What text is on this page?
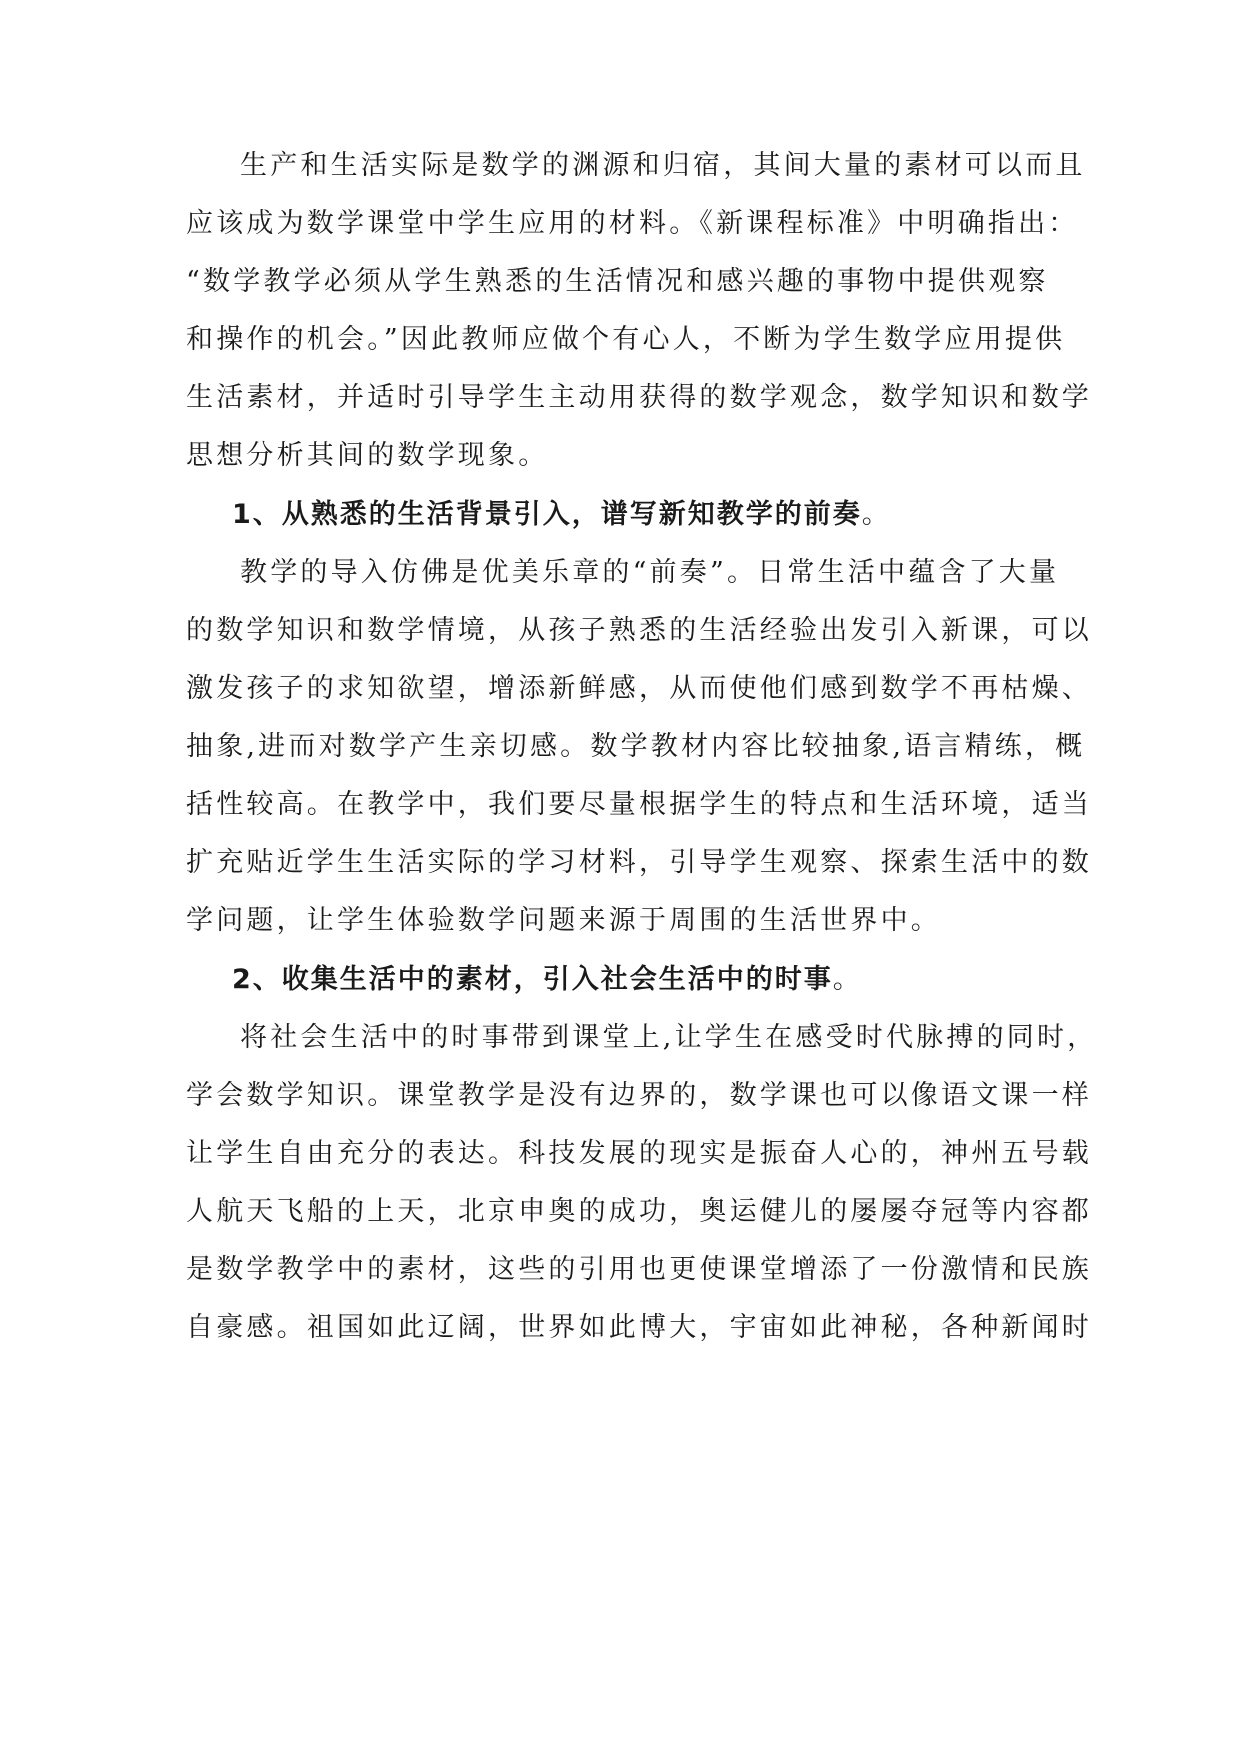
生产和生活实际是数学的渊源和归宿，其间大量的素材可以而且
应该成为数学课堂中学生应用的材料。《新课程标准》中明确指出：
“数学教学必须从学生熟悉的生活情况和感兴趣的事物中提供观察
和操作的机会。”因此教师应做个有心人，不断为学生数学应用提供
生活素材，并适时引导学生主动用获得的数学观念，数学知识和数学
思想分析其间的数学现象。
1、从熟悉的生活背景引入，谱写新知教学的前奏。
教学的导入仿佛是优美乐章的“前奏”。日常生活中蕴含了大量
的数学知识和数学情境，从孩子熟悉的生活经验出发引入新课，可以
激发孩子的求知欲望，增添新鲜感，从而使他们感到数学不再枯燥、
抽象,进而对数学产生亲切感。数学教材内容比较抽象,语言精练，概
括性较高。在教学中，我们要尽量根据学生的特点和生活环境，适当
扩充贴近学生生活实际的学习材料，引导学生观察、探索生活中的数
学问题，让学生体验数学问题来源于周围的生活世界中。
2、收集生活中的素材，引入社会生活中的时事。
将社会生活中的时事带到课堂上,让学生在感受时代脉搏的同时，
学会数学知识。课堂教学是没有边界的，数学课也可以像语文课一样
让学生自由充分的表达。科技发展的现实是振奋人心的，神州五号载
人航天飞船的上天，北京申奥的成功，奥运健儿的屡屡夺冠等内容都
是数学教学中的素材，这些的引用也更使课堂增添了一份激情和民族
自豪感。祖国如此辽阔，世界如此博大，宇宙如此神秘，各种新闻时
